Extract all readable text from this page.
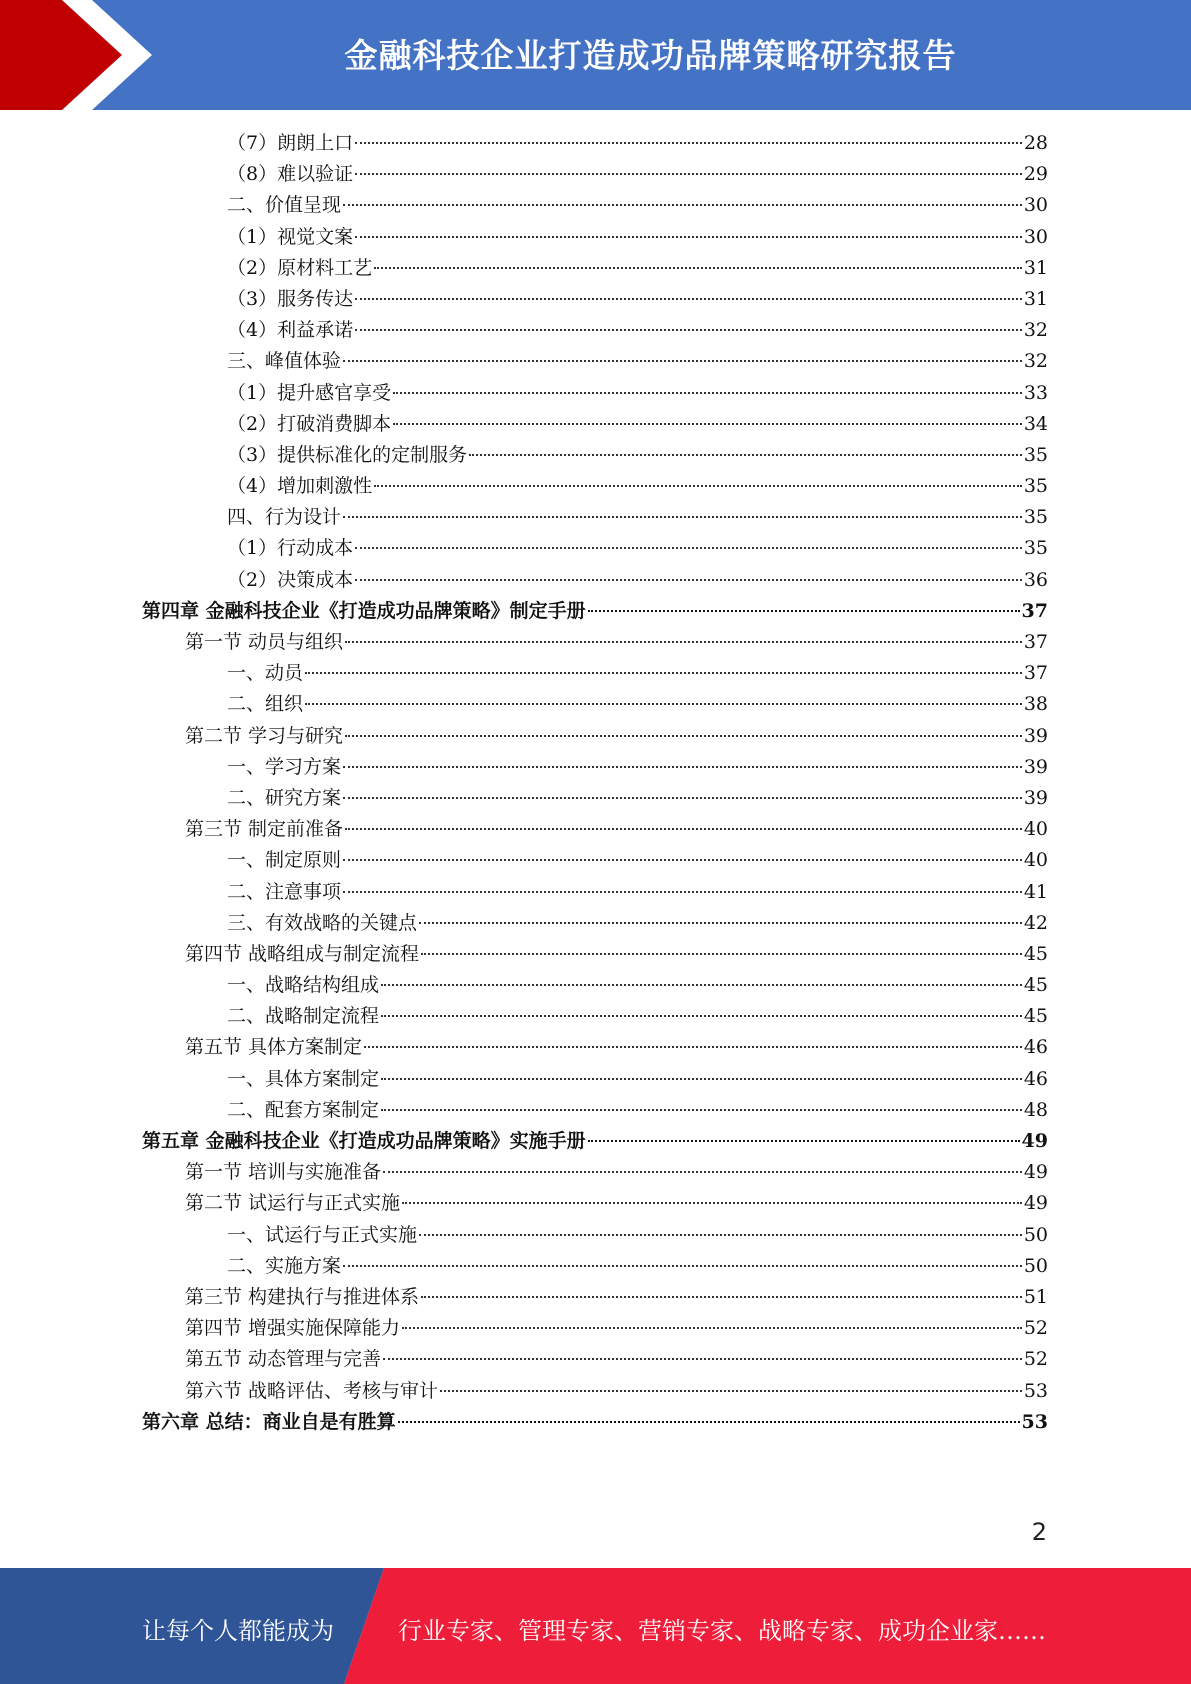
金融科技企业打造成功品牌策略研究报告
（7）朗朗上口	28
（8）难以验证	29
二、价值呈现	30
（1）视觉文案	30
（2）原材料工艺	31
（3）服务传达	31
（4）利益承诺	32
三、峰值体验	32
（1）提升感官享受	33
（2）打破消费脚本	34
（3）提供标准化的定制服务	35
（4）增加刺激性	35
四、行为设计	35
（1）行动成本	35
（2）决策成本	36
第四章 金融科技企业《打造成功品牌策略》制定手册	37
第一节 动员与组织	37
一、动员	37
二、组织	38
第二节 学习与研究	39
一、学习方案	39
二、研究方案	39
第三节 制定前准备	40
一、制定原则	40
二、注意事项	41
三、有效战略的关键点	42
第四节 战略组成与制定流程	45
一、战略结构组成	45
二、战略制定流程	45
第五节 具体方案制定	46
一、具体方案制定	46
二、配套方案制定	48
第五章 金融科技企业《打造成功品牌策略》实施手册	49
第一节 培训与实施准备	49
第二节 试运行与正式实施	49
一、试运行与正式实施	50
二、实施方案	50
第三节 构建执行与推进体系	51
第四节 增强实施保障能力	52
第五节 动态管理与完善	52
第六节 战略评估、考核与审计	53
第六章 总结：商业自是有胜算	53
2
让每个人都能成为	行业专家、管理专家、营销专家、战略专家、成功企业家……
